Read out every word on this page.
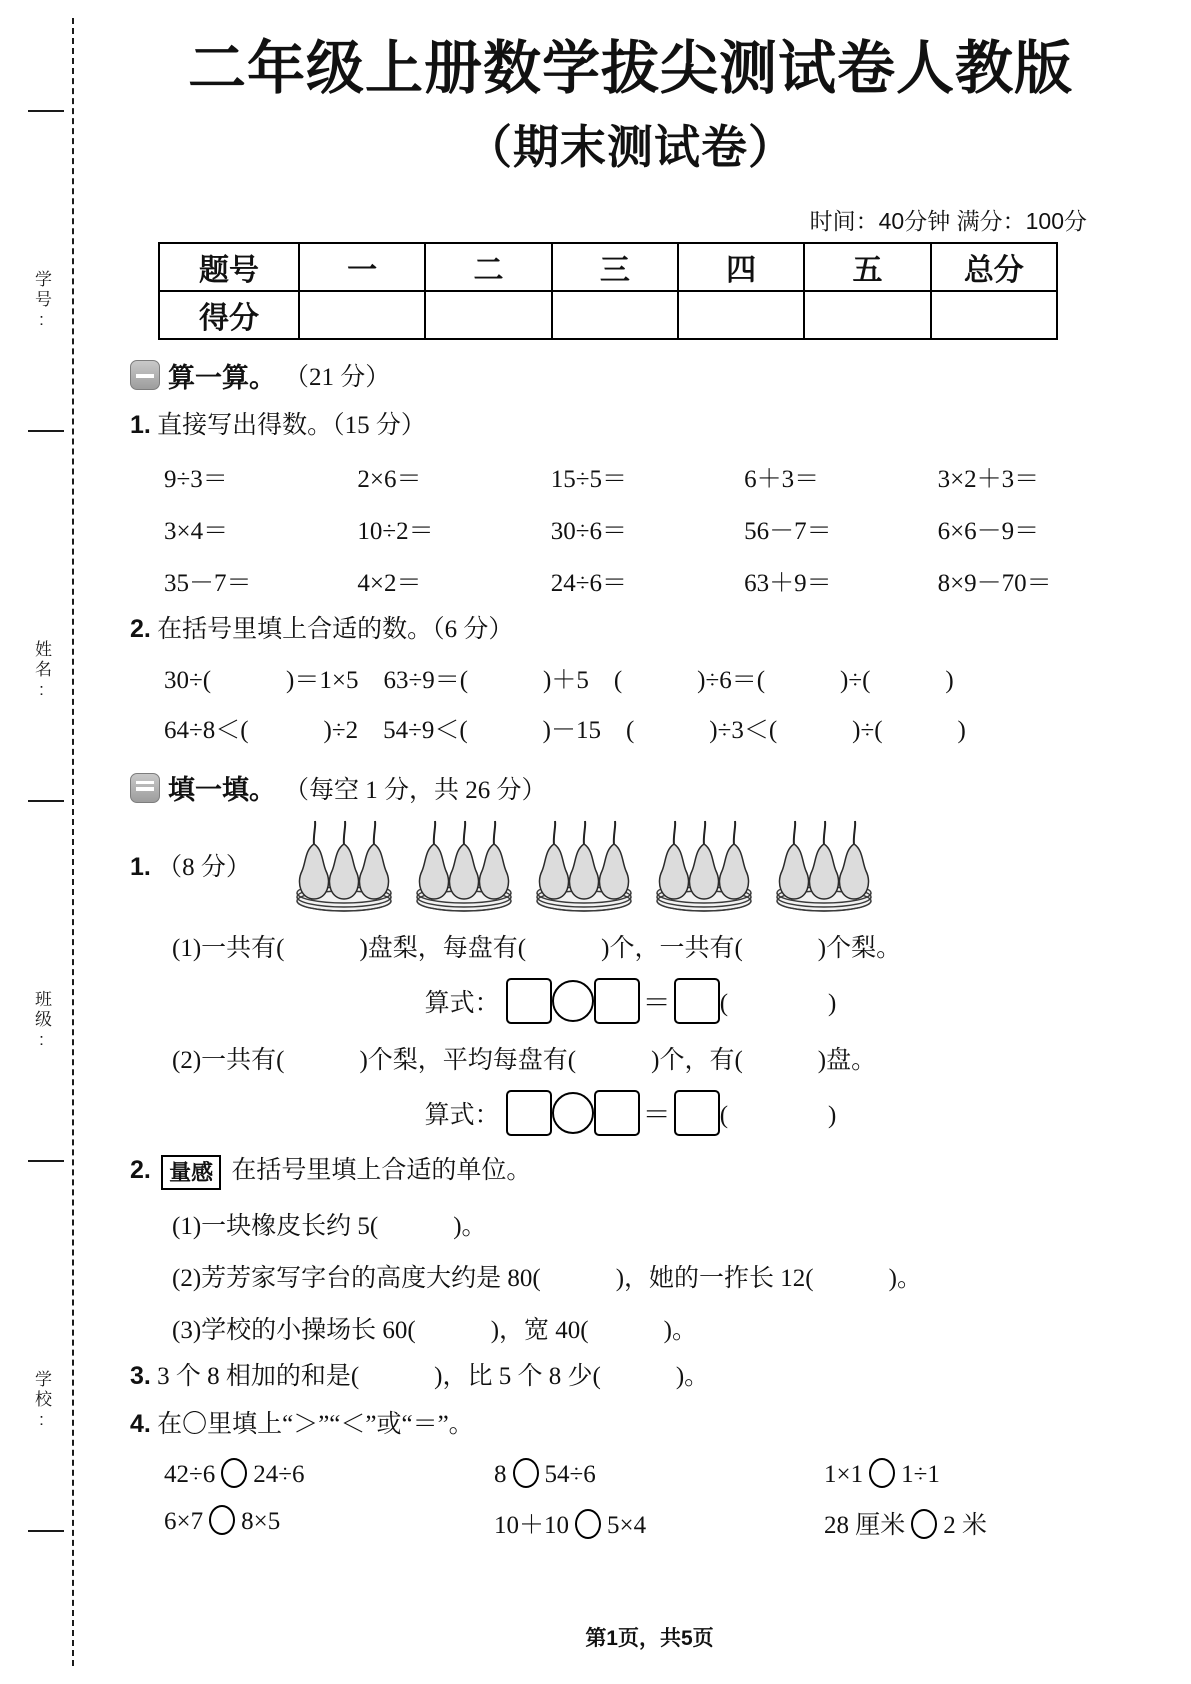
学号:
姓名:
班级:
学校:
二年级上册数学拔尖测试卷人教版
（期末测试卷）
时间：40分钟 满分：100分
题号	一	二	三	四	五	总分
得分						
算一算。 （21 分）
1. 直接写出得数。（15 分）
9÷3＝	2×6＝	15÷5＝	6＋3＝	3×2＋3＝
3×4＝	10÷2＝	30÷6＝	56－7＝	6×6－9＝
35－7＝	4×2＝	24÷6＝	63＋9＝	8×9－70＝
2. 在括号里填上合适的数。（6 分）
30÷(　　　)＝1×5　63÷9＝(　　　)＋5　(　　　)÷6＝(　　　)÷(　　　)
64÷8＜(　　　)÷2　54÷9＜(　　　)－15　(　　　)÷3＜(　　　)÷(　　　)
填一填。 （每空 1 分，共 26 分）
1. （8 分）
(1)一共有(　　　)盘梨，每盘有(　　　)个，一共有(　　　)个梨。
算式：	＝ (　　　　)
(2)一共有(　　　)个梨，平均每盘有(　　　)个，有(　　　)盘。
算式：	＝ (　　　　)
2. 量感 在括号里填上合适的单位。
(1)一块橡皮长约 5(　　　)。
(2)芳芳家写字台的高度大约是 80(　　　)，她的一拃长 12(　　　)。
(3)学校的小操场长 60(　　　)，宽 40(　　　)。
3. 3 个 8 相加的和是(　　　)，比 5 个 8 少(　　　)。
4. 在〇里填上“＞”“＜”或“＝”。
42÷6 24÷6	8 54÷6	1×1 1÷1
6×7 8×5	10＋10 5×4	28 厘米 2 米
第1页，共5页
